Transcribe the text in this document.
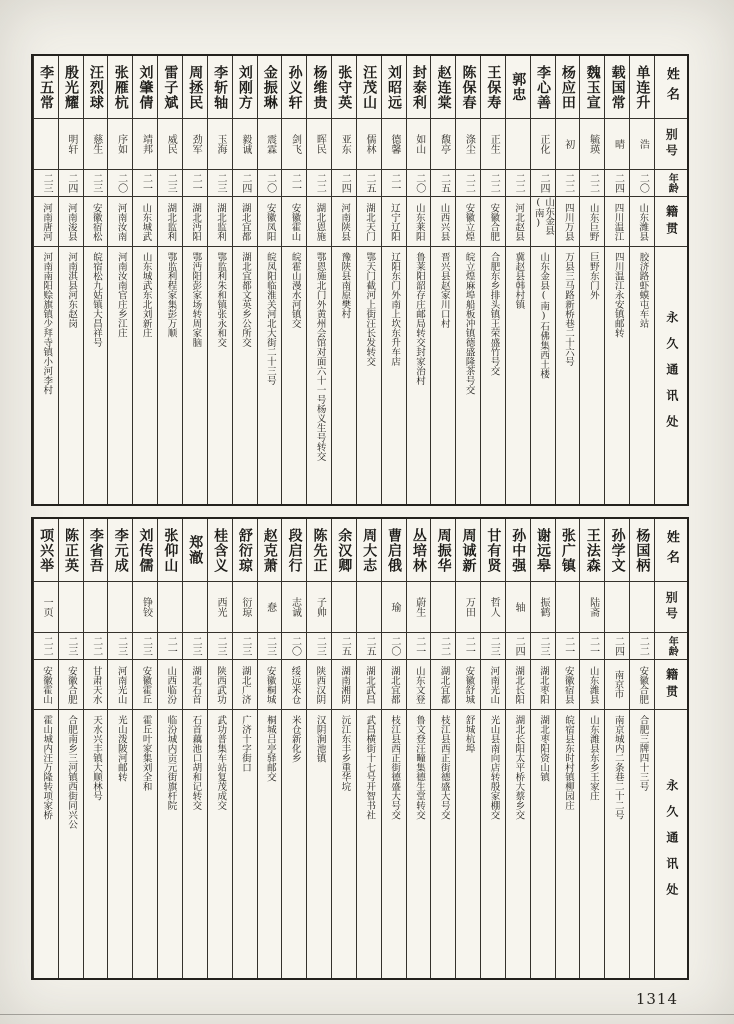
姓名
别号
年龄
籍贯
永久通讯处
单连升
浩
二〇
山东潍县
胶济路虾蟆屯车站
载国常
晴
二四
四川温江
四川温江永安镇邮转
魏玉宣
毓瑛
二二
山东巨野
巨野东门外
杨应田
初
二二
四川万县
万县三马路新桥巷二十六号
李心善
正化
二四
山东金县(南)
山东金县(南)石佛集西土楼
郭忠
二二
河北赵县
冀赵县韩村镇
王保寿
正生
二二
安徽合肥
合肥东乡排头镇王荣盛竹号交
陈保春
涤尘
二二
安徽立煌
皖立煌麻埠船板冲镇德盛隆茶号交
赵连棠
馥亭
二五
山西兴县
晋兴县赵家川口村
封泰利
如山
二〇
山东莱阳
鲁莱阳韶存庄邮局转交封家治村
刘昭远
德馨
二一
辽宁辽阳
辽阳东门外南上坎东升车店
汪茂山
儒林
二五
湖北天门
鄂天门截河上街汪长发转交
张守英
亚东
二四
河南陕县
豫陕县南原樊村
杨维贵
晖民
二二
湖北恩施
鄂恩施北门外黄州会馆对面六十一号杨义生号转交
孙义轩
剑飞
二一
安徽霍山
皖霍山漫水河镇交
金振琳
震霖
二〇
安徽凤阳
皖凤阳临淮关河北大街二十三号
刘刚方
毅诚
二四
湖北宜都
湖北宜都文英乡公所交
李斩轴
玉海
二三
湖北监利
鄂监利朱和镇张永和交
周拯民
劲军
二一
湖北沔阳
鄂沔阳彭家场转周家脑
雷子斌
威民
二三
湖北监利
鄂监利程家集彭万顺
刘肇倩
靖邦
二一
山东城武
山东城武东北刘新庄
张雁杭
序如
二〇
河南汝南
河南汝南官庄乡江庄
汪烈球
慈生
二三
安徽宿松
皖宿松九姑镇大昌祥号
殷光耀
明轩
二四
河南浚县
河南淇县河东赵岗
李五常
二三
河南唐河
河南南阳赊旗镇少拜寺镇小河李村
姓名
别号
年龄
籍贯
永久通讯处
杨国柄
二二
安徽合肥
合肥三牌四十三号
孙学文
二四
南京市
南京城内二条巷二十二号
王法森
陆斋
二一
山东潍县
山东潍县东乡王家庄
张广镇
二一
安徽宿县
皖宿县东时村镇柳园庄
谢远皋
振鹤
二三
湖北枣阳
湖北枣阳资山镇
孙中强
轴
二四
湖北长阳
湖北长阳太平桥大蔡乡交
甘有贤
哲人
二三
河南光山
光山县南向店转殷家棚交
周诚新
万田
二一
安徽舒城
舒城杭埠
周振华
二二
湖北宜都
枝江县西正街德盛大号交
丛培林
蔚生
二一
山东文登
鲁文登汪疃集德生堂转交
曹启俄
瑜
二〇
湖北宜都
枝江县西正街德盛大号交
周大志
二五
湖北武昌
武昌横街十七号开智书社
余汉卿
二五
湖南湘阴
沅江东丰乡重华垸
陈先正
子帅
二三
陕西汉阴
汉阴涧池镇
段启行
志诚
二〇
绥远米仓
米仓新化乡
赵克萧
惷
二三
安徽桐城
桐城吕亭驿邮交
舒衍琼
衍琼
二三
湖北广济
广济十字街口
桂含义
西光
二三
陕西武功
武功普集车站复茂成交
郑澈
二三
湖北石首
石首藕池口胡和记转交
张仰山
二一
山西临汾
临汾城内贡元街旗杆院
刘传儒
铮铰
二三
安徽霍丘
霍丘叶家集刘全和
李元成
二三
河南光山
光山泼陂河邮转
李省吾
二二
甘肃天水
天水兴丰镇大顺林号
陈正英
二三
安徽合肥
合肥南乡三河镇西街同兴公
项兴举
一页
二二
安徽霍山
霍山城内汪万隆转项家桥
1314
